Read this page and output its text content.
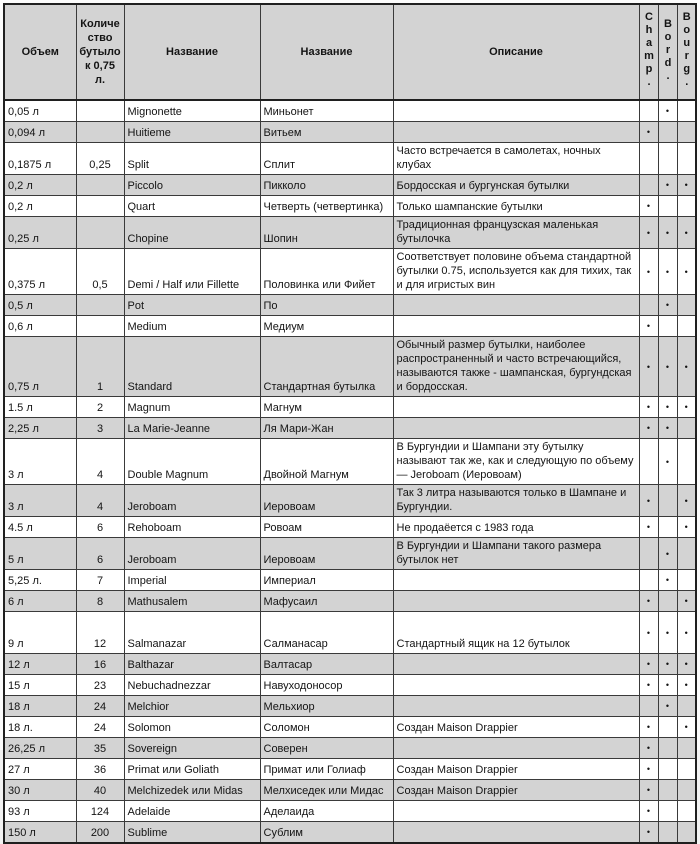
Объем	Количество бутылок 0,75 л.	Название	Название	Описание	Champ.	Bord.	Bourg.
0,05 л		Mignonette	Миньонет			•	
0,094 л		Huitieme	Витьем		•		
0,1875 л	0,25	Split	Сплит	Часто встречается в самолетах, ночных клубах			
0,2 л		Piccolo	Пикколо	Бордосская и бургунская бутылки		•	•
0,2 л		Quart	Четверть (четвертинка)	Только шампанские бутылки	•		
0,25 л		Chopine	Шопин	Традиционная французская маленькая бутылочка	•	•	•
0,375 л	0,5	Demi / Half или Fillette	Половинка или Фийет	Соответствует половине объема стандартной бутылки 0.75, используется как для тихих, так и для игристых вин	•	•	•
0,5 л		Pot	По			•	
0,6 л		Medium	Медиум		•		
0,75 л	1	Standard	Стандартная бутылка	Обычный размер бутылки, наиболее распространенный и часто встречающийся, называются также - шампанская, бургундская и бордосская.	•	•	•
1.5 л	2	Magnum	Магнум		•	•	•
2,25 л	3	La Marie-Jeanne	Ля Мари-Жан		•	•	
3 л	4	Double Magnum	Двойной Магнум	В Бургундии и Шампани эту бутылку называют так же, как и следующую по объему — Jeroboam (Иеровоам)		•	
3 л	4	Jeroboam	Иеровоам	Так 3 литра называются только в Шампане и Бургундии.	•		•
4.5 л	6	Rehoboam	Ровоам	Не продаёется с 1983 года	•		•
5 л	6	Jeroboam	Иеровоам	В Бургундии и Шампани такого размера бутылок нет		•	
5,25 л.	7	Imperial	Империал			•	
6 л	8	Mathusalem	Мафусаил		•		•
9 л	12	Salmanazar	Салманасар	Стандартный ящик на 12 бутылок	•	•	•
12 л	16	Balthazar	Валтасар		•	•	•
15 л	23	Nebuchadnezzar	Навуходоносор		•	•	•
18 л	24	Melchior	Мельхиор			•	
18 л.	24	Solomon	Соломон	Создан Maison Drappier	•		•
26,25 л	35	Sovereign	Соверен		•		
27 л	36	Primat или Goliath	Примат или Голиаф	Создан Maison Drappier	•		
30 л	40	Melchizedek или Midas	Мелхиседек или Мидас	Создан Maison Drappier	•		
93 л	124	Adelaide	Аделаида		•		
150 л	200	Sublime	Сублим		•		
